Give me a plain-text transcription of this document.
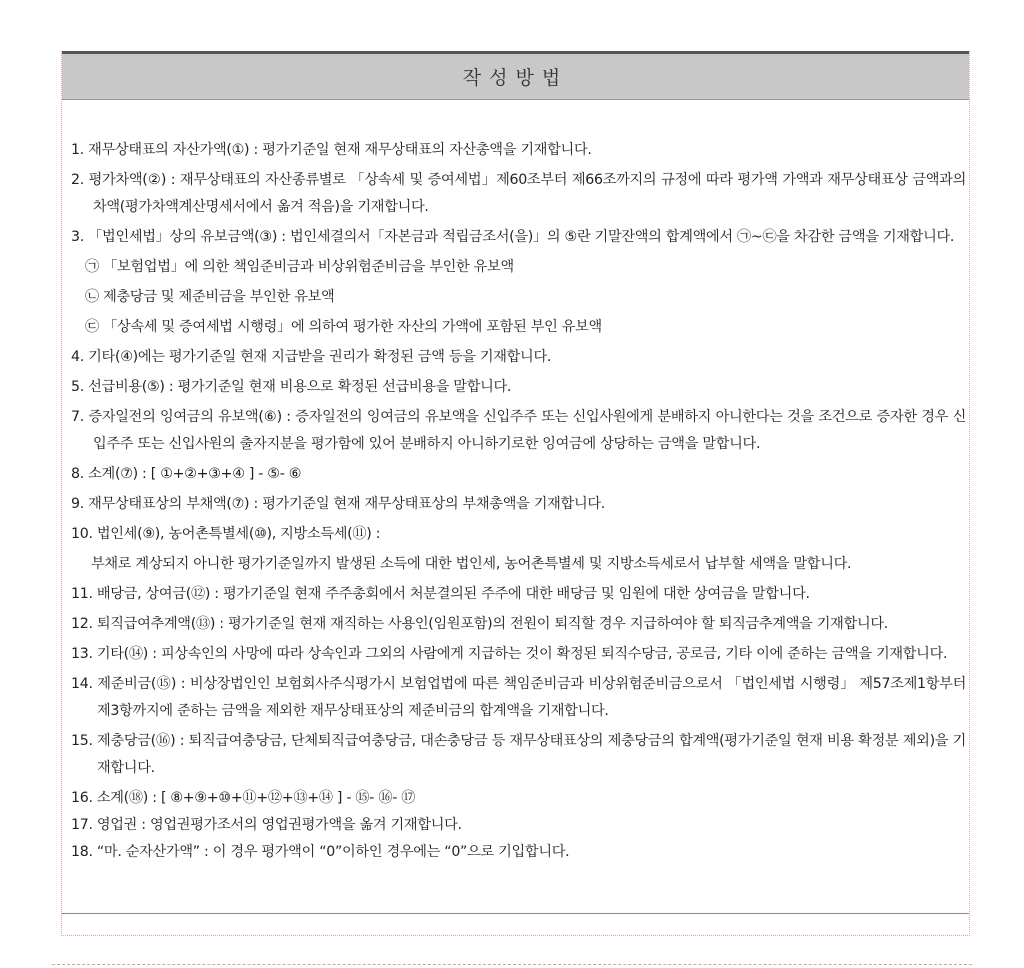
작성방법
1. 재무상태표의 자산가액(①) : 평가기준일 현재 재무상태표의 자산총액을 기재합니다.
2. 평가차액(②) : 재무상태표의 자산종류별로 「상속세 및 증여세법」제60조부터 제66조까지의 규정에 따라 평가액 가액과 재무상태표상 금액과의 차액(평가차액계산명세서에서 옮겨 적음)을 기재합니다.
3. 「법인세법」상의 유보금액(③) : 법인세결의서「자본금과 적립금조서(을)」의 ⑤란 기말잔액의 합계액에서 ㉠~㉢을 차감한 금액을 기재합니다.
㉠ 「보험업법」에 의한 책임준비금과 비상위험준비금을 부인한 유보액
㉡ 제충당금 및 제준비금을 부인한 유보액
㉢ 「상속세 및 증여세법 시행령」에 의하여 평가한 자산의 가액에 포함된 부인 유보액
4. 기타(④)에는 평가기준일 현재 지급받을 권리가 확정된 금액 등을 기재합니다.
5. 선급비용(⑤) : 평가기준일 현재 비용으로 확정된 선급비용을 말합니다.
7. 증자일전의 잉여금의 유보액(⑥) : 증자일전의 잉여금의 유보액을 신입주주 또는 신입사원에게 분배하지 아니한다는 것을 조건으로 증자한 경우 신입주주 또는 신입사원의 출자지분을 평가함에 있어 분배하지 아니하기로한 잉여금에 상당하는 금액을 말합니다.
8. 소계(⑦) : [ ①+②+③+④ ] - ⑤- ⑥
9. 재무상태표상의 부채액(⑦) : 평가기준일 현재 재무상태표상의 부채총액을 기재합니다.
10. 법인세(⑨), 농어촌특별세(⑩), 지방소득세(⑪) :
부채로 계상되지 아니한 평가기준일까지 발생된 소득에 대한 법인세, 농어촌특별세 및 지방소득세로서 납부할 세액을 말합니다.
11. 배당금, 상여금(⑫) : 평가기준일 현재 주주총회에서 처분결의된 주주에 대한 배당금 및 임원에 대한 상여금을 말합니다.
12. 퇴직급여추계액(⑬) : 평가기준일 현재 재직하는 사용인(임원포함)의 전원이 퇴직할 경우 지급하여야 할 퇴직금추계액을 기재합니다.
13. 기타(⑭) : 피상속인의 사망에 따라 상속인과 그외의 사람에게 지급하는 것이 확정된 퇴직수당금, 공로금, 기타 이에 준하는 금액을 기재합니다.
14. 제준비금(⑮) : 비상장법인인 보험회사주식평가시 보험업법에 따른 책임준비금과 비상위험준비금으로서 「법인세법 시행령」 제57조제1항부터 제3항까지에 준하는 금액을 제외한 재무상태표상의 제준비금의 합계액을 기재합니다.
15. 제충당금(⑯) : 퇴직급여충당금, 단체퇴직급여충당금, 대손충당금 등 재무상태표상의 제충당금의 합계액(평가기준일 현재 비용 확정분 제외)을 기재합니다.
16. 소계(⑱) : [ ⑧+⑨+⑩+⑪+⑫+⑬+⑭ ] - ⑮- ⑯- ⑰
17. 영업권 : 영업권평가조서의 영업권평가액을 옮겨 기재합니다.
18. “마. 순자산가액” : 이 경우 평가액이 “0”이하인 경우에는 “0”으로 기입합니다.
